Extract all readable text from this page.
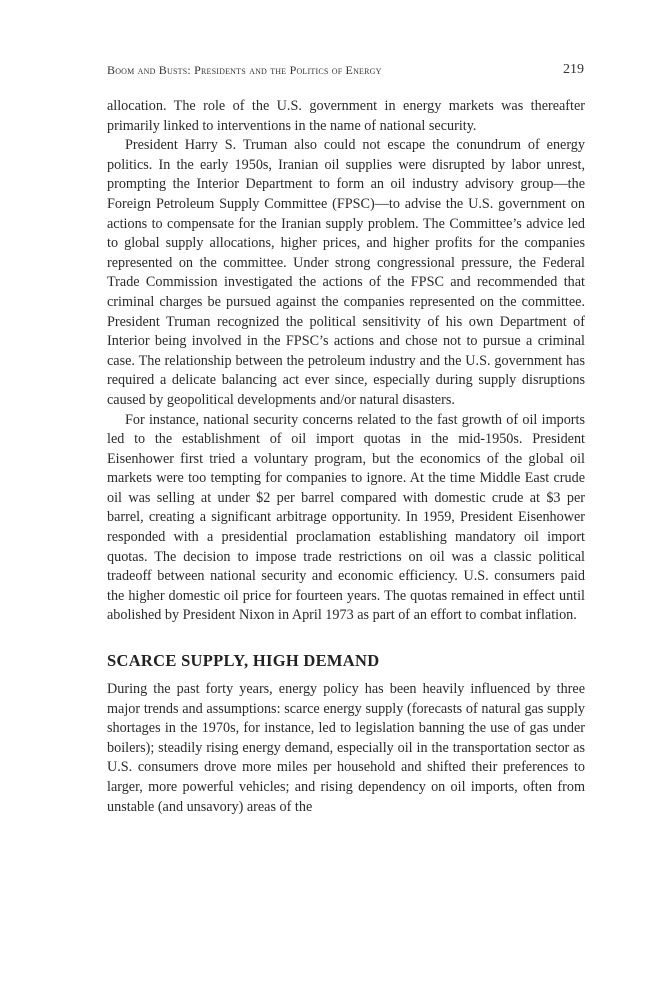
Boom and Busts: Presidents and the Politics of Energy	219

allocation. The role of the U.S. government in energy markets was thereafter primarily linked to interventions in the name of national security.

President Harry S. Truman also could not escape the conundrum of energy politics. In the early 1950s, Iranian oil supplies were disrupted by labor unrest, prompting the Interior Department to form an oil industry advisory group—the Foreign Petroleum Supply Committee (FPSC)—to advise the U.S. government on actions to compensate for the Iranian supply problem. The Committee’s advice led to global supply allocations, higher prices, and higher profits for the companies represented on the committee. Under strong congressional pressure, the Federal Trade Commission investigated the actions of the FPSC and recommended that criminal charges be pursued against the companies represented on the committee. President Truman recognized the political sensitivity of his own Department of Interior being involved in the FPSC’s actions and chose not to pursue a criminal case. The relationship between the petroleum industry and the U.S. government has required a delicate balancing act ever since, especially during supply disruptions caused by geopolitical developments and/or natural disasters.

For instance, national security concerns related to the fast growth of oil imports led to the establishment of oil import quotas in the mid-1950s. President Eisenhower first tried a voluntary program, but the economics of the global oil markets were too tempting for companies to ignore. At the time Middle East crude oil was selling at under $2 per barrel compared with domestic crude at $3 per barrel, creating a significant arbitrage opportunity. In 1959, President Eisenhower responded with a presidential proclamation establishing mandatory oil import quotas. The decision to impose trade restrictions on oil was a classic political tradeoff between national security and economic efficiency. U.S. consumers paid the higher domestic oil price for fourteen years. The quotas remained in effect until abolished by President Nixon in April 1973 as part of an effort to combat inflation.

SCARCE SUPPLY, HIGH DEMAND

During the past forty years, energy policy has been heavily influenced by three major trends and assumptions: scarce energy supply (forecasts of natural gas supply shortages in the 1970s, for instance, led to legislation banning the use of gas under boilers); steadily rising energy demand, especially oil in the transportation sector as U.S. consumers drove more miles per household and shifted their preferences to larger, more powerful vehicles; and rising dependency on oil imports, often from unstable (and unsavory) areas of the
